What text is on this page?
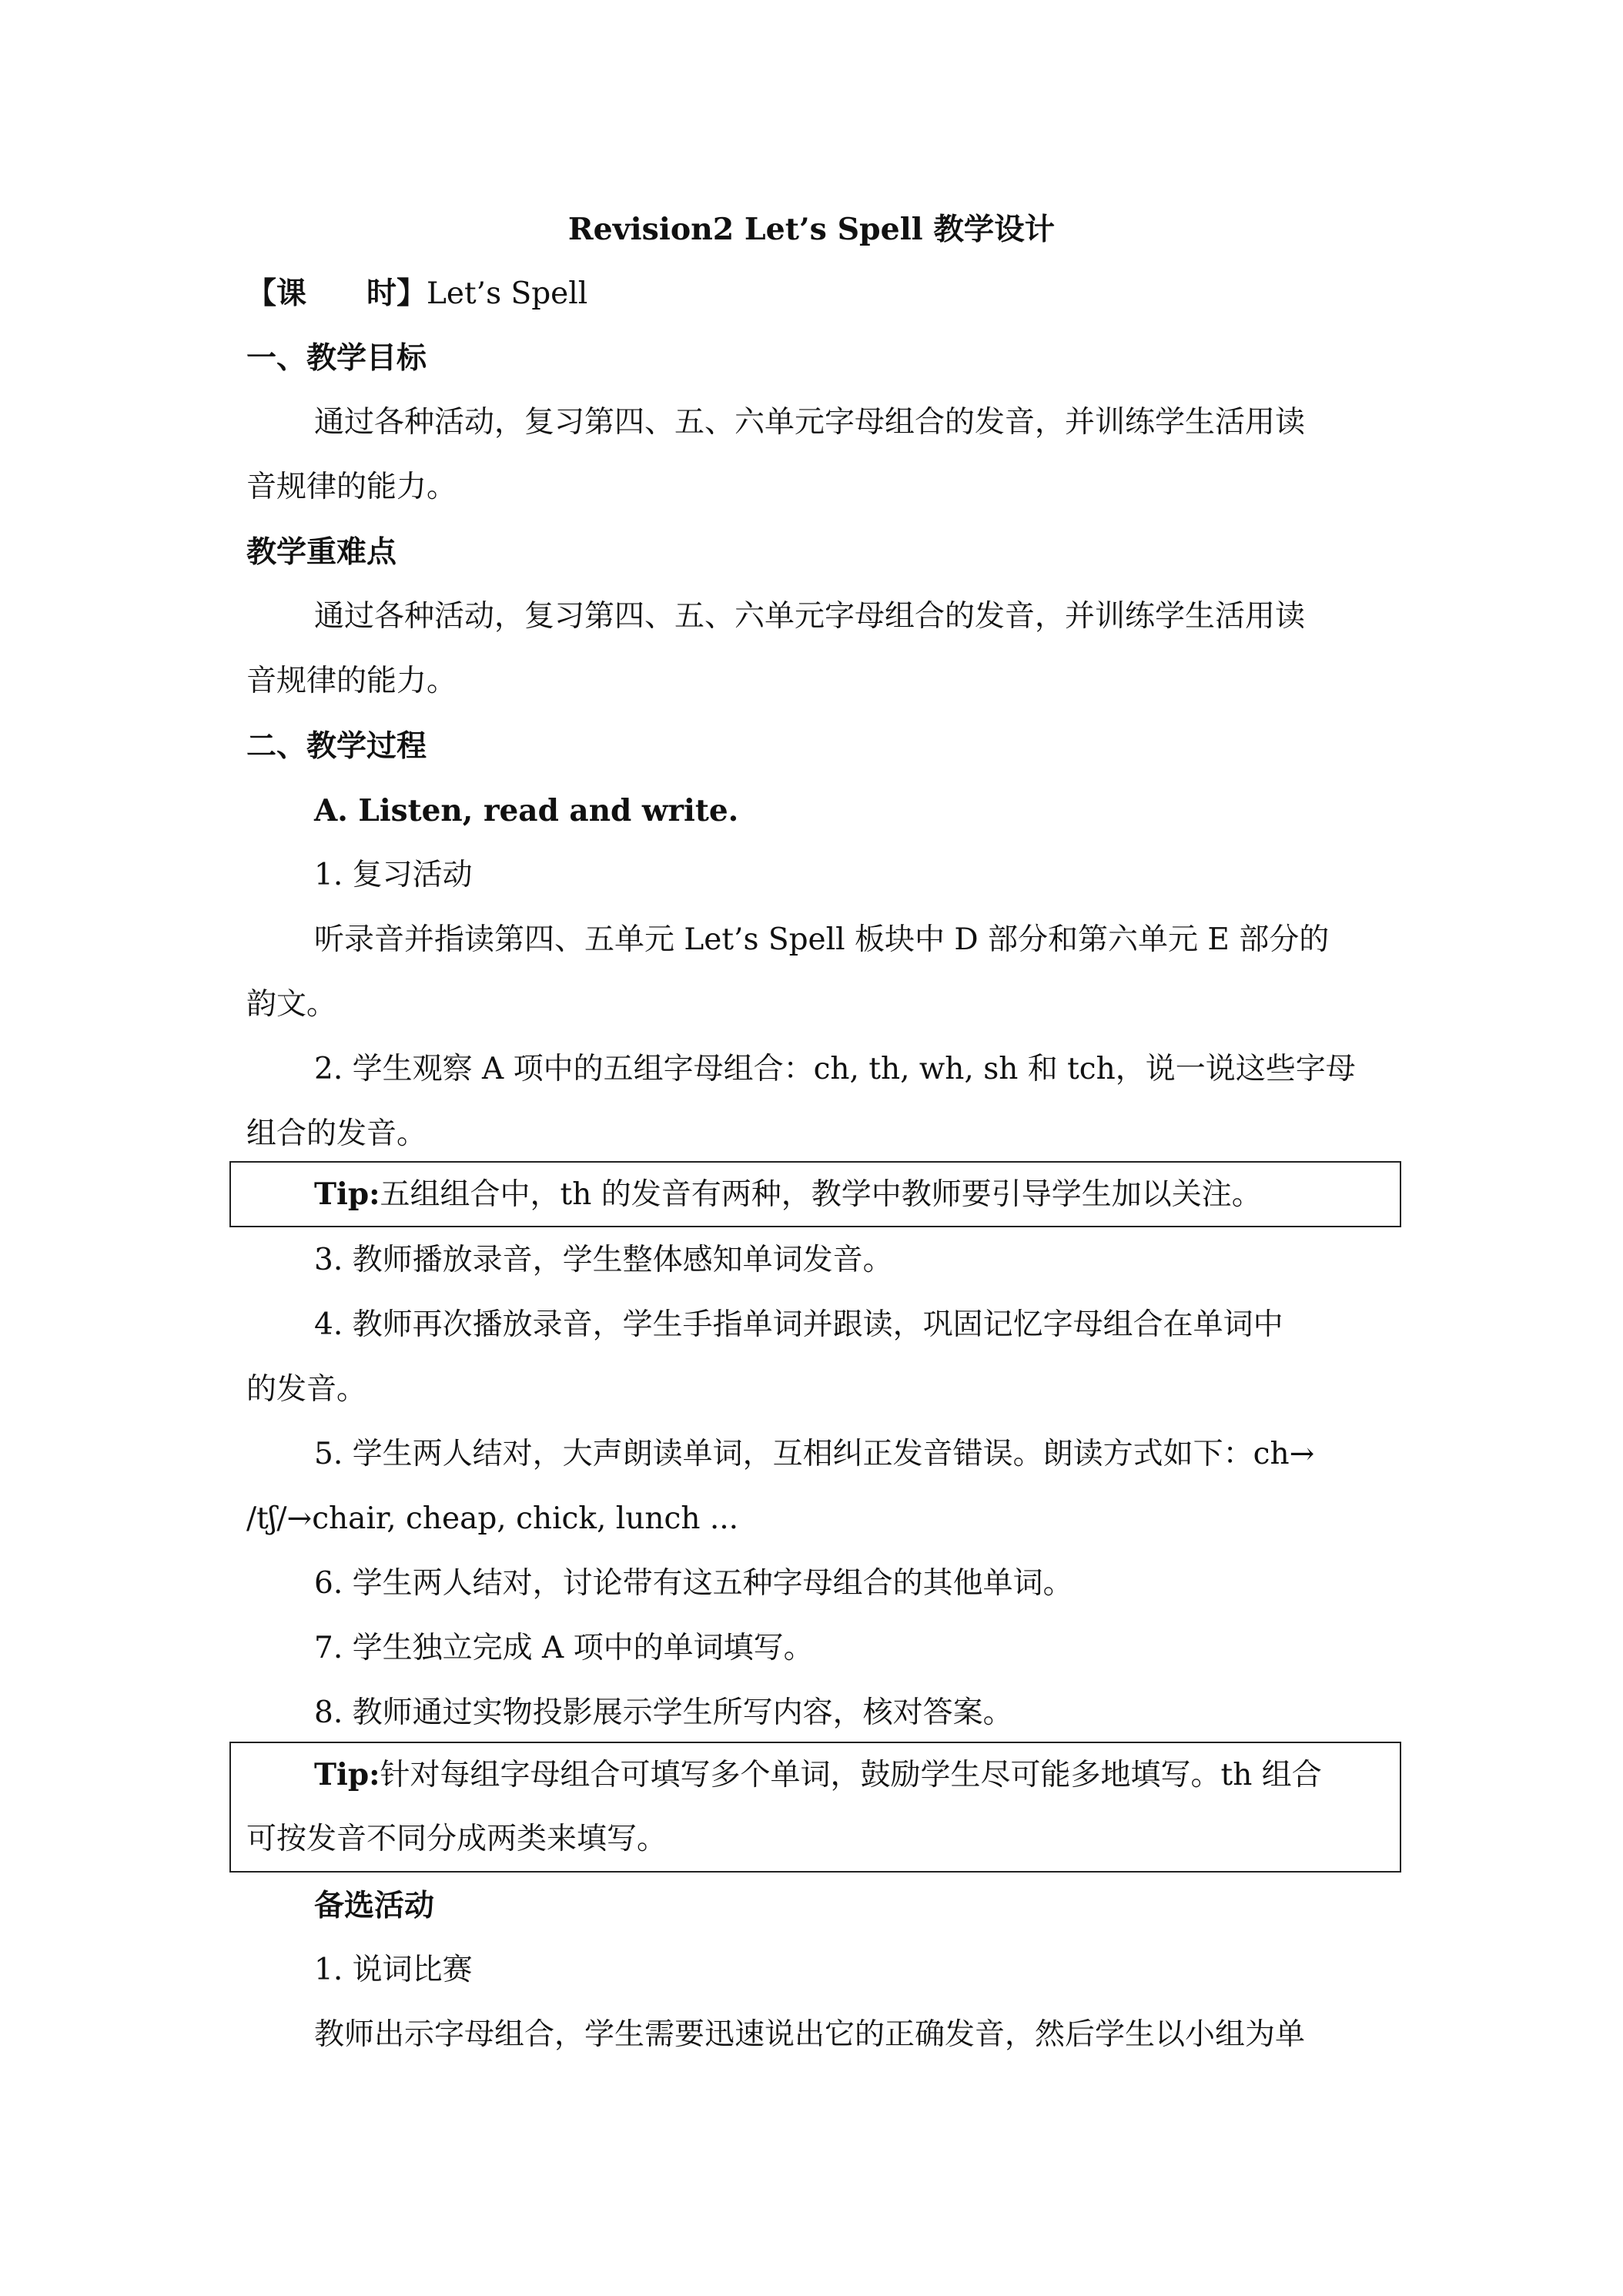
Revision2 Let’s Spell 教学设计
【课　　时】Let’s Spell
一、教学目标
通过各种活动，复习第四、五、六单元字母组合的发音，并训练学生活用读
音规律的能力。
教学重难点
通过各种活动，复习第四、五、六单元字母组合的发音，并训练学生活用读
音规律的能力。
二、教学过程
A. Listen, read and write.
1. 复习活动
听录音并指读第四、五单元 Let’s Spell 板块中 D 部分和第六单元 E 部分的
韵文。
2. 学生观察 A 项中的五组字母组合：ch, th, wh, sh 和 tch，说一说这些字母
组合的发音。
Tip:五组组合中，th 的发音有两种，教学中教师要引导学生加以关注。
3. 教师播放录音，学生整体感知单词发音。
4. 教师再次播放录音，学生手指单词并跟读，巩固记忆字母组合在单词中
的发音。
5. 学生两人结对，大声朗读单词，互相纠正发音错误。朗读方式如下：ch→
/tʃ/→chair, cheap, chick, lunch ...
6. 学生两人结对，讨论带有这五种字母组合的其他单词。
7. 学生独立完成 A 项中的单词填写。
8. 教师通过实物投影展示学生所写内容，核对答案。
Tip:针对每组字母组合可填写多个单词，鼓励学生尽可能多地填写。th 组合
可按发音不同分成两类来填写。
备选活动
1. 说词比赛
教师出示字母组合，学生需要迅速说出它的正确发音，然后学生以小组为单
